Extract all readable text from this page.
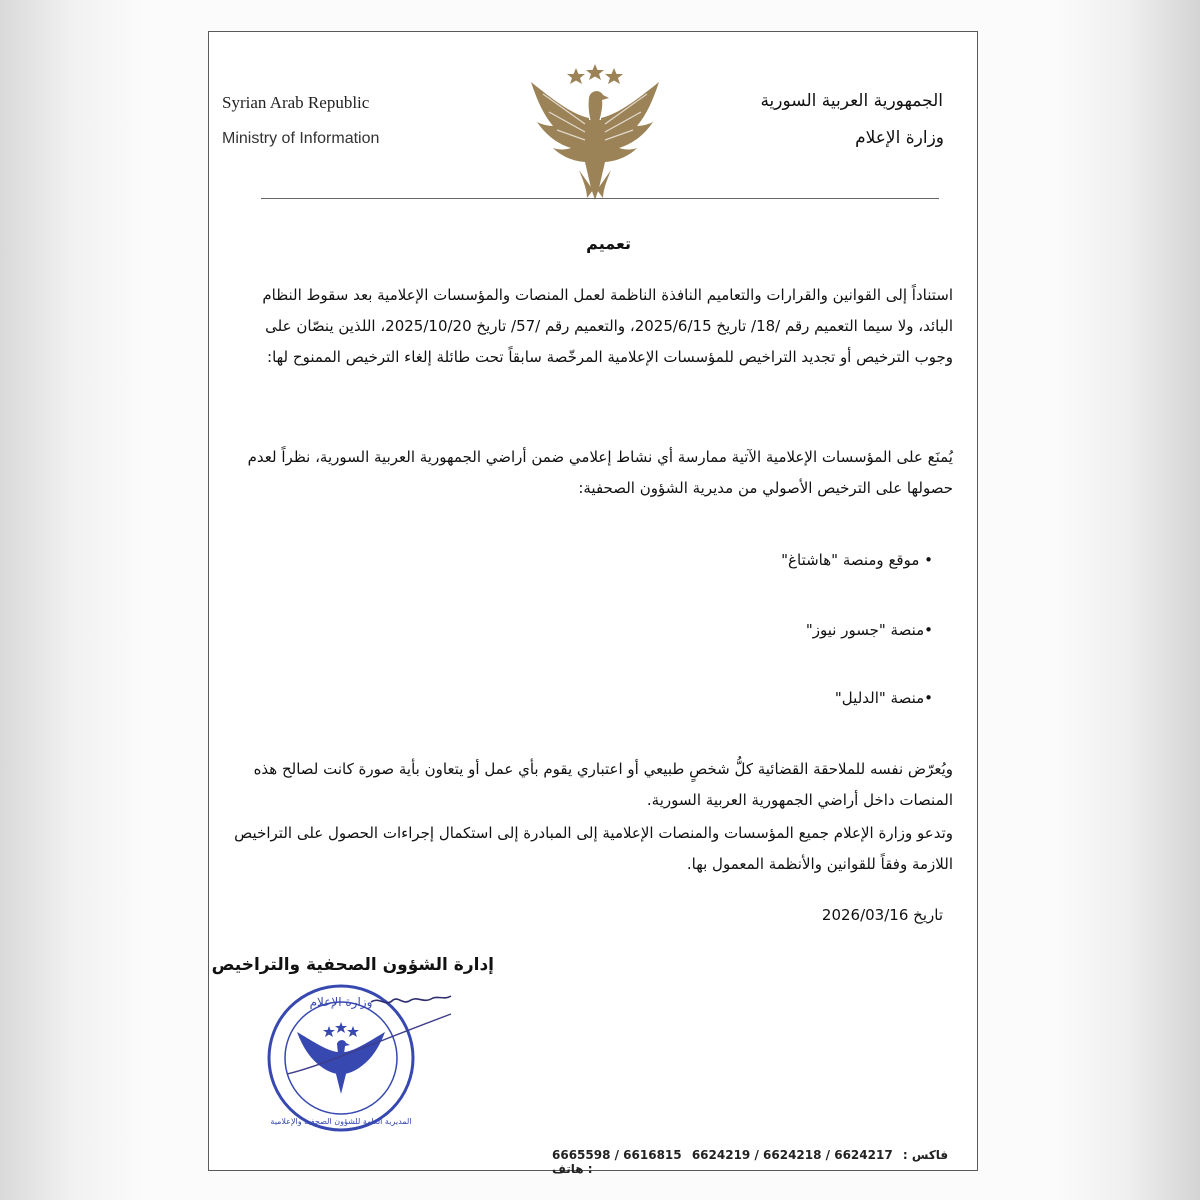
Syrian Arab Republic
Ministry of Information
الجمهورية العربية السورية
وزارة الإعلام
تعميم
استناداً إلى القوانين والقرارات والتعاميم النافذة الناظمة لعمل المنصات والمؤسسات الإعلامية بعد سقوط النظام البائد، ولا سيما التعميم رقم /18/ تاريخ 2025/6/15، والتعميم رقم /57/ تاريخ 2025/10/20، اللذين ينصّان على وجوب الترخيص أو تجديد التراخيص للمؤسسات الإعلامية المرخّصة سابقاً تحت طائلة إلغاء الترخيص الممنوح لها:
يُمنَع على المؤسسات الإعلامية الآتية ممارسة أي نشاط إعلامي ضمن أراضي الجمهورية العربية السورية، نظراً لعدم حصولها على الترخيص الأصولي من مديرية الشؤون الصحفية:
• موقع ومنصة "هاشتاغ"
•منصة "جسور نيوز"
•منصة "الدليل"
ويُعرّض نفسه للملاحقة القضائية كلُّ شخصٍ طبيعي أو اعتباري يقوم بأي عمل أو يتعاون بأية صورة كانت لصالح هذه المنصات داخل أراضي الجمهورية العربية السورية.
وتدعو وزارة الإعلام جميع المؤسسات والمنصات الإعلامية إلى المبادرة إلى استكمال إجراءات الحصول على التراخيص اللازمة وفقاً للقوانين والأنظمة المعمول بها.
تاريخ 2026/03/16
إدارة الشؤون الصحفية والتراخيص
وزارة الإعلام
المديرية العامة للشؤون الصحفية والإعلامية
6665598 / 6616815	فاكس : 6624217 / 6624218 / 6624219 هاتف :
